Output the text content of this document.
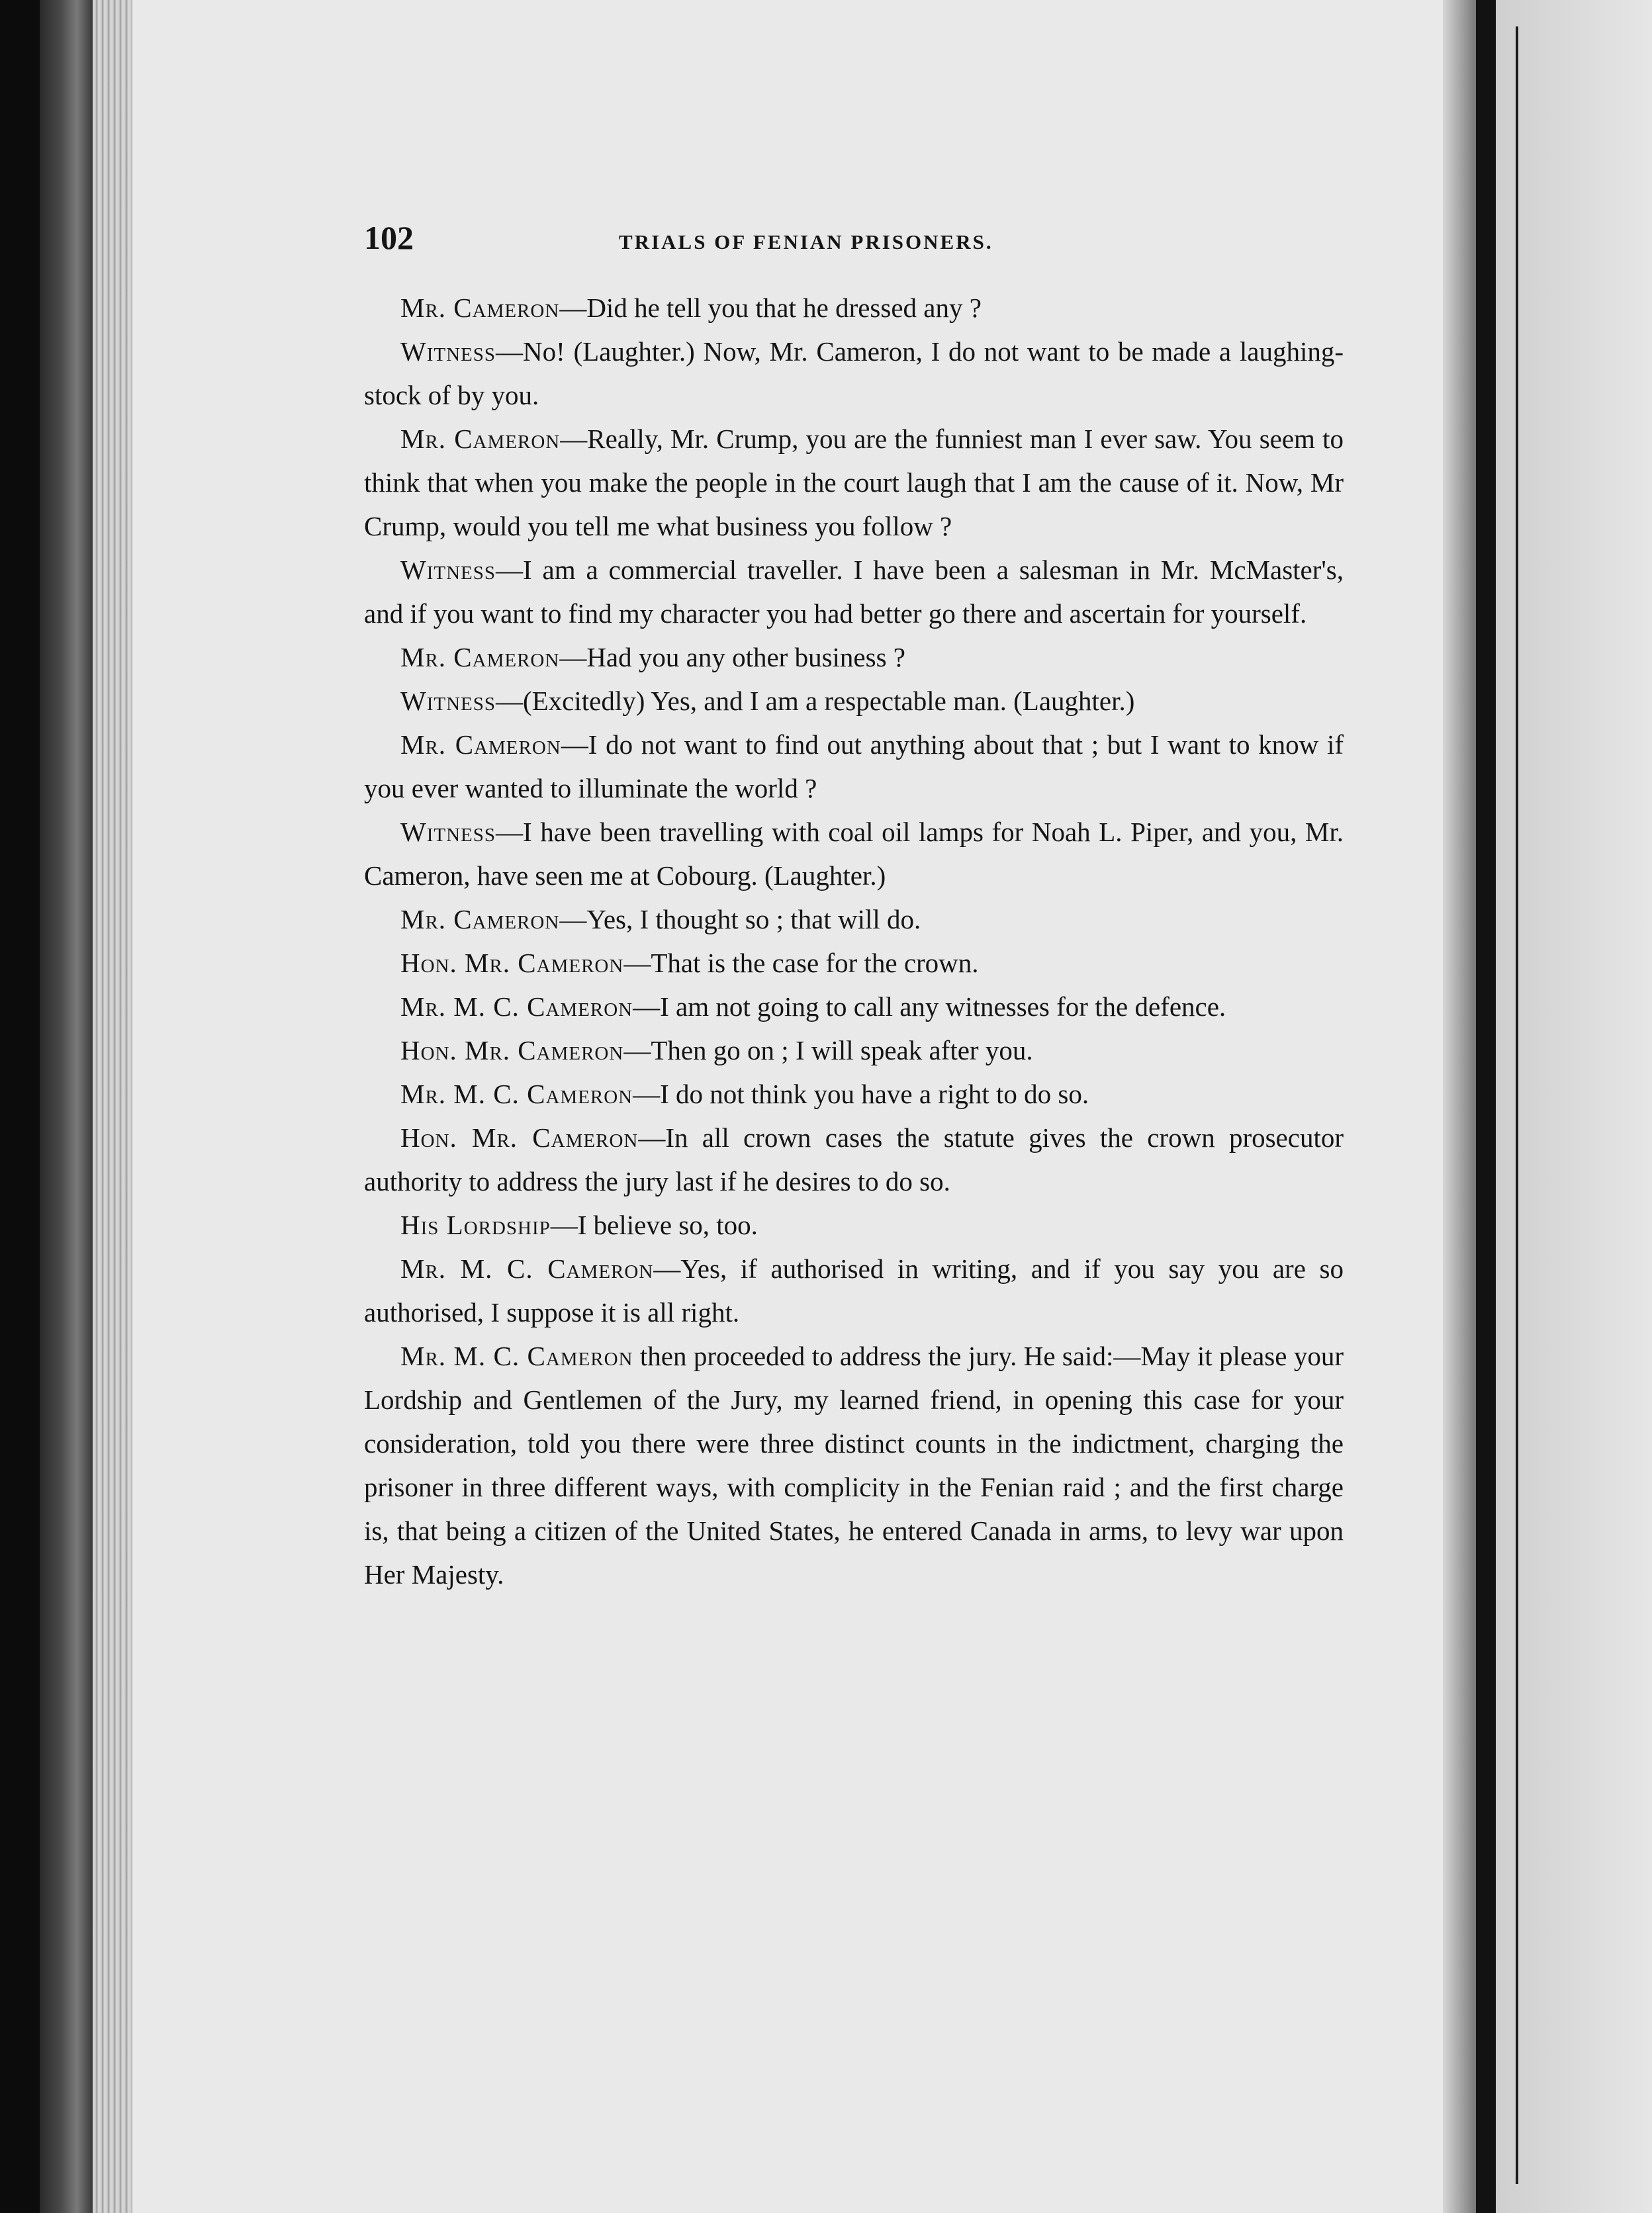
102	TRIALS OF FENIAN PRISONERS.

Mr. Cameron—Did he tell you that he dressed any ?

Witness—No! (Laughter.) Now, Mr. Cameron, I do not want to be made a laughing-stock of by you.

Mr. Cameron—Really, Mr. Crump, you are the funniest man I ever saw. You seem to think that when you make the people in the court laugh that I am the cause of it. Now, Mr Crump, would you tell me what business you follow ?

Witness—I am a commercial traveller. I have been a salesman in Mr. McMaster's, and if you want to find my character you had better go there and ascertain for yourself.

Mr. Cameron—Had you any other business ?

Witness—(Excitedly) Yes, and I am a respectable man. (Laughter.)

Mr. Cameron—I do not want to find out anything about that ; but I want to know if you ever wanted to illuminate the world ?

Witness—I have been travelling with coal oil lamps for Noah L. Piper, and you, Mr. Cameron, have seen me at Cobourg. (Laughter.)

Mr. Cameron—Yes, I thought so ; that will do.

Hon. Mr. Cameron—That is the case for the crown.

Mr. M. C. Cameron—I am not going to call any witnesses for the defence.

Hon. Mr. Cameron—Then go on ; I will speak after you.

Mr. M. C. Cameron—I do not think you have a right to do so.

Hon. Mr. Cameron—In all crown cases the statute gives the crown prosecutor authority to address the jury last if he desires to do so.

His Lordship—I believe so, too.

Mr. M. C. Cameron—Yes, if authorised in writing, and if you say you are so authorised, I suppose it is all right.

Mr. M. C. Cameron then proceeded to address the jury. He said:—May it please your Lordship and Gentlemen of the Jury, my learned friend, in opening this case for your consideration, told you there were three distinct counts in the indictment, charging the prisoner in three different ways, with complicity in the Fenian raid ; and the first charge is, that being a citizen of the United States, he entered Canada in arms, to levy war upon Her Majesty.
